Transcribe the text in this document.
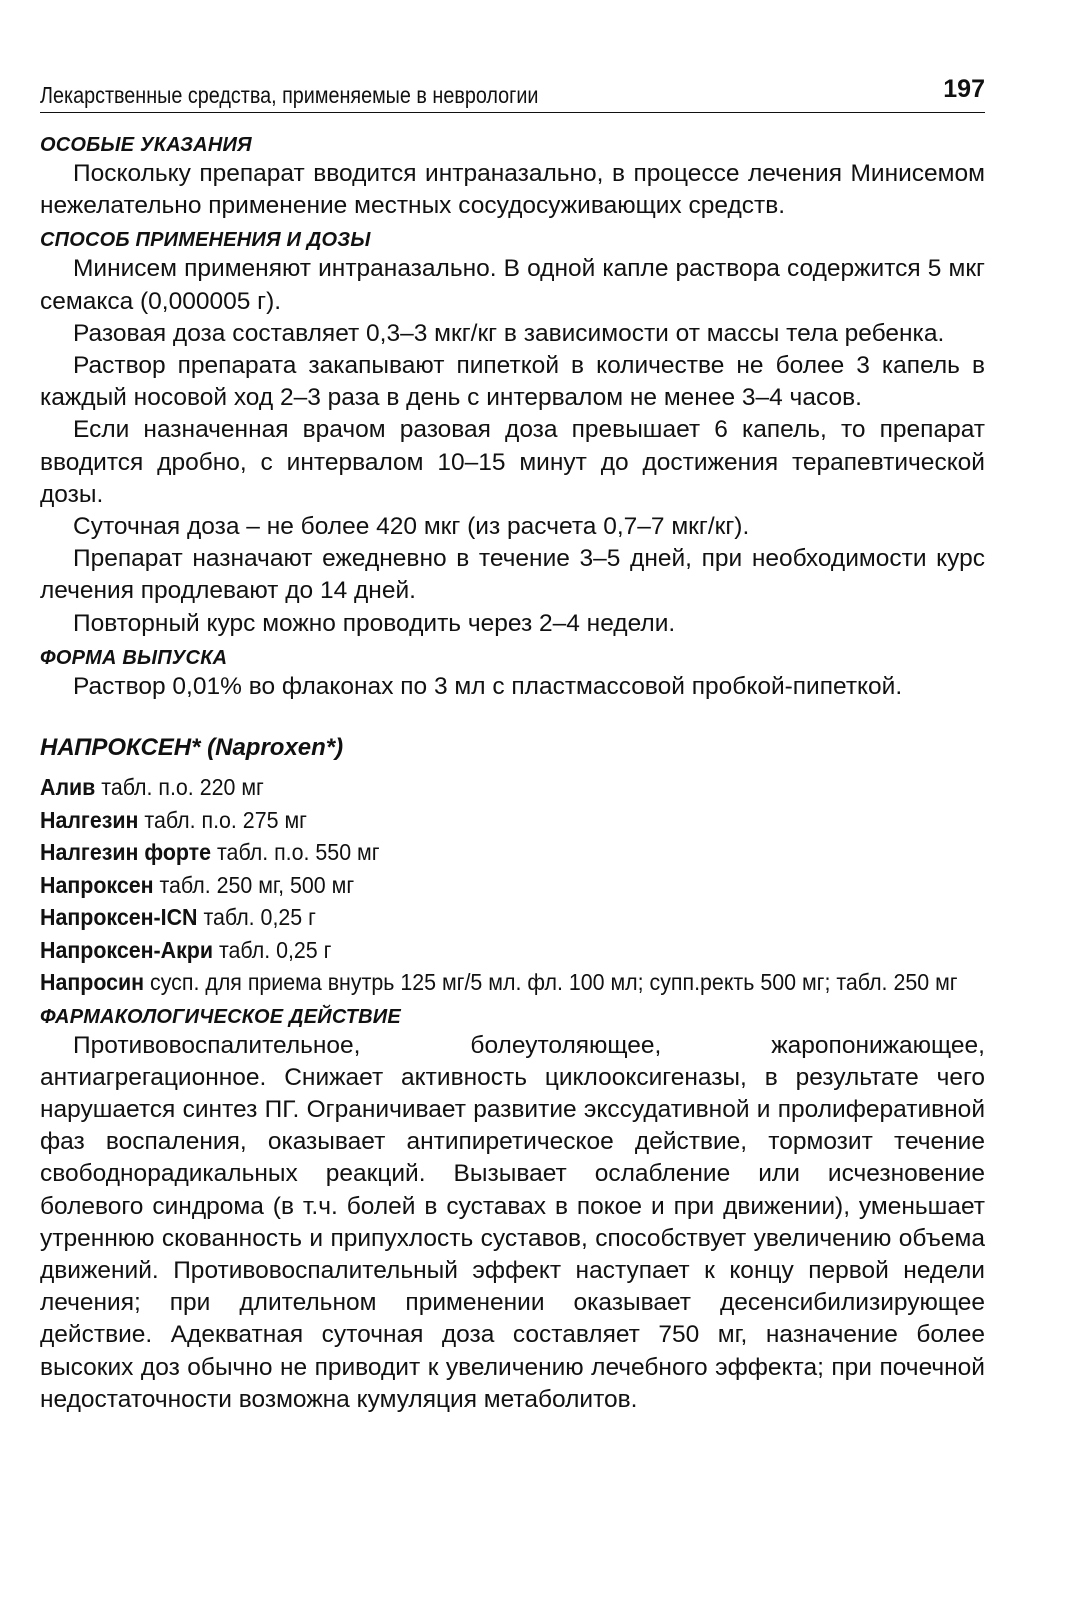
Лекарственные средства, применяемые в неврологии	197

ОСОБЫЕ УКАЗАНИЯ

Поскольку препарат вводится интраназально, в процессе лечения Минисемом нежелательно применение местных сосудосуживающих средств.

СПОСОБ ПРИМЕНЕНИЯ И ДОЗЫ

Минисем применяют интраназально. В одной капле раствора содержится 5 мкг семакса (0,000005 г).

Разовая доза составляет 0,3–3 мкг/кг в зависимости от массы тела ребенка.

Раствор препарата закапывают пипеткой в количестве не более 3 капель в каждый носовой ход 2–3 раза в день с интервалом не менее 3–4 часов.

Если назначенная врачом разовая доза превышает 6 капель, то препарат вводится дробно, с интервалом 10–15 минут до достижения терапевтической дозы.

Суточная доза – не более 420 мкг (из расчета 0,7–7 мкг/кг).

Препарат назначают ежедневно в течение 3–5 дней, при необходимости курс лечения продлевают до 14 дней.

Повторный курс можно проводить через 2–4 недели.

ФОРМА ВЫПУСКА

Раствор 0,01% во флаконах по 3 мл с пластмассовой пробкой-пипеткой.

НАПРОКСЕН* (Naproxen*)
Алив табл. п.о. 220 мг
Налгезин табл. п.о. 275 мг
Налгезин форте табл. п.о. 550 мг
Напроксен табл. 250 мг, 500 мг
Напроксен-ICN табл. 0,25 г
Напроксен-Акри табл. 0,25 г
Напросин сусп. для приема внутрь 125 мг/5 мл. фл. 100 мл; супп.ректь 500 мг; табл. 250 мг

ФАРМАКОЛОГИЧЕСКОЕ ДЕЙСТВИЕ

Противовоспалительное, болеутоляющее, жаропонижающее, антиагрегационное. Снижает активность циклооксигеназы, в результате чего нарушается синтез ПГ. Ограничивает развитие экссудативной и пролиферативной фаз воспаления, оказывает антипиретическое действие, тормозит течение свободнорадикальных реакций. Вызывает ослабление или исчезновение болевого синдрома (в т.ч. болей в суставах в покое и при движении), уменьшает утреннюю скованность и припухлость суставов, способствует увеличению объема движений. Противовоспалительный эффект наступает к концу первой недели лечения; при длительном применении оказывает десенсибилизирующее действие. Адекватная суточная доза составляет 750 мг, назначение более высоких доз обычно не приводит к увеличению лечебного эффекта; при почечной недостаточности возможна кумуляция метаболитов.
